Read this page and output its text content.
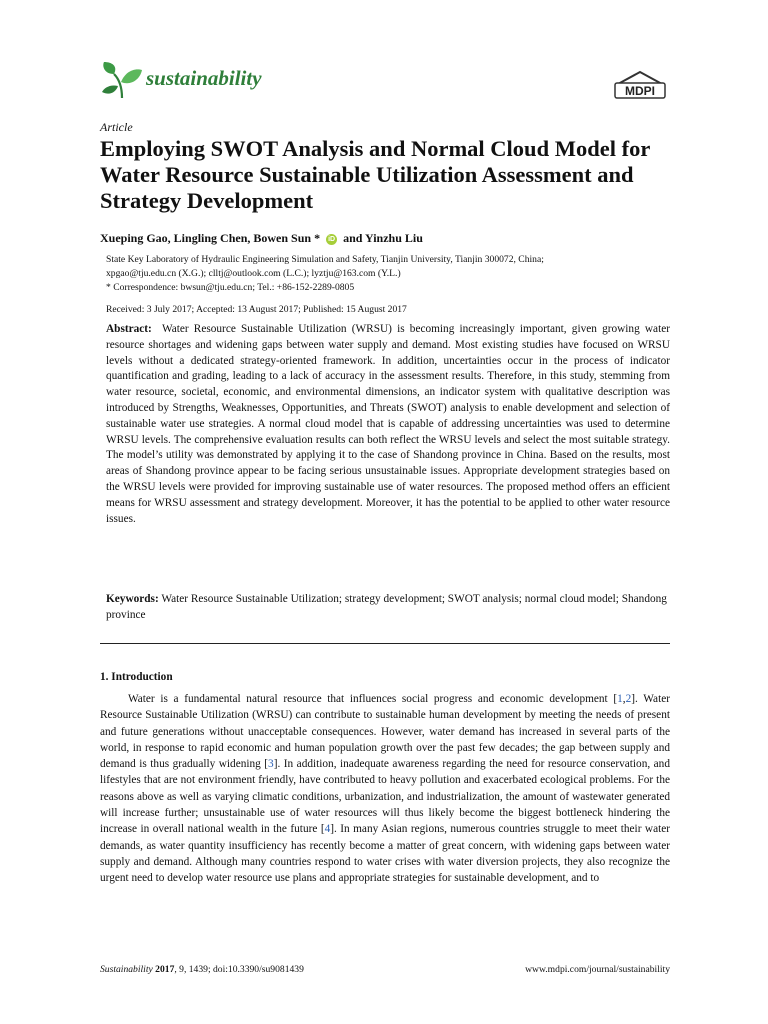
sustainability
MDPI
Article
Employing SWOT Analysis and Normal Cloud Model for Water Resource Sustainable Utilization Assessment and Strategy Development
Xueping Gao, Lingling Chen, Bowen Sun * iD and Yinzhu Liu
State Key Laboratory of Hydraulic Engineering Simulation and Safety, Tianjin University, Tianjin 300072, China;
xpgao@tju.edu.cn (X.G.); clltj@outlook.com (L.C.); lyztju@163.com (Y.L.)
* Correspondence: bwsun@tju.edu.cn; Tel.: +86-152-2289-0805
Received: 3 July 2017; Accepted: 13 August 2017; Published: 15 August 2017

Abstract: Water Resource Sustainable Utilization (WRSU) is becoming increasingly important, given growing water resource shortages and widening gaps between water supply and demand. Most existing studies have focused on WRSU levels without a dedicated strategy-oriented framework. In addition, uncertainties occur in the process of indicator quantification and grading, leading to a lack of accuracy in the assessment results. Therefore, in this study, stemming from water resource, societal, economic, and environmental dimensions, an indicator system with qualitative description was introduced by Strengths, Weaknesses, Opportunities, and Threats (SWOT) analysis to enable development and selection of sustainable water use strategies. A normal cloud model that is capable of addressing uncertainties was used to determine WRSU levels. The comprehensive evaluation results can both reflect the WRSU levels and select the most suitable strategy. The model’s utility was demonstrated by applying it to the case of Shandong province in China. Based on the results, most areas of Shandong province appear to be facing serious unsustainable issues. Appropriate development strategies based on the WRSU levels were provided for improving sustainable use of water resources. The proposed method offers an efficient means for WRSU assessment and strategy development. Moreover, it has the potential to be applied to other water resource issues.

Keywords: Water Resource Sustainable Utilization; strategy development; SWOT analysis; normal cloud model; Shandong province

1. Introduction

Water is a fundamental natural resource that influences social progress and economic development [1,2]. Water Resource Sustainable Utilization (WRSU) can contribute to sustainable human development by meeting the needs of present and future generations without unacceptable consequences. However, water demand has increased in several parts of the world, in response to rapid economic and human population growth over the past few decades; the gap between supply and demand is thus gradually widening [3]. In addition, inadequate awareness regarding the need for resource conservation, and lifestyles that are not environment friendly, have contributed to heavy pollution and exacerbated ecological problems. For the reasons above as well as varying climatic conditions, urbanization, and industrialization, the amount of wastewater generated will increase further; unsustainable use of water resources will thus likely become the biggest bottleneck hindering the increase in overall national wealth in the future [4]. In many Asian regions, numerous countries struggle to meet their water demands, as water quantity insufficiency has recently become a matter of great concern, with widening gaps between water supply and demand. Although many countries respond to water crises with water diversion projects, they also recognize the urgent need to develop water resource use plans and appropriate strategies for sustainable development, and to

Sustainability 2017, 9, 1439; doi:10.3390/su9081439	www.mdpi.com/journal/sustainability
